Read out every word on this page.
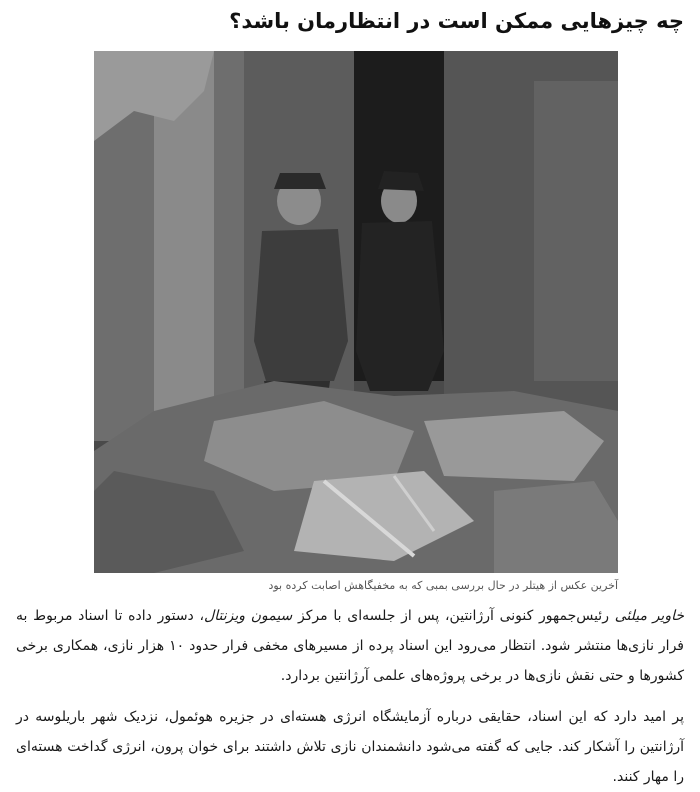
چه چیزهایی ممکن است در انتظارمان باشد؟
آخرین عکس از هیتلر در حال بررسی بمبی که به مخفیگاهش اصابت کرده بود

خاویر میلئی رئیس‌جمهور کنونی آرژانتین، پس از جلسه‌ای با مرکز سیمون ویزنتال، دستور داده تا اسناد مربوط به فرار نازی‌ها منتشر شود. انتظار می‌رود این اسناد پرده از مسیرهای مخفی فرار حدود ۱۰ هزار نازی، همکاری برخی کشورها و حتی نقش نازی‌ها در برخی پروژه‌های علمی آرژانتین بردارد.

پر امید دارد که این اسناد، حقایقی درباره آزمایشگاه انرژی هسته‌ای در جزیره هوئمول، نزدیک شهر باریلوسه در آرژانتین را آشکار کند. جایی که گفته می‌شود دانشمندان نازی تلاش داشتند برای خوان پرون، انرژی گداخت هسته‌ای را مهار کنند.
